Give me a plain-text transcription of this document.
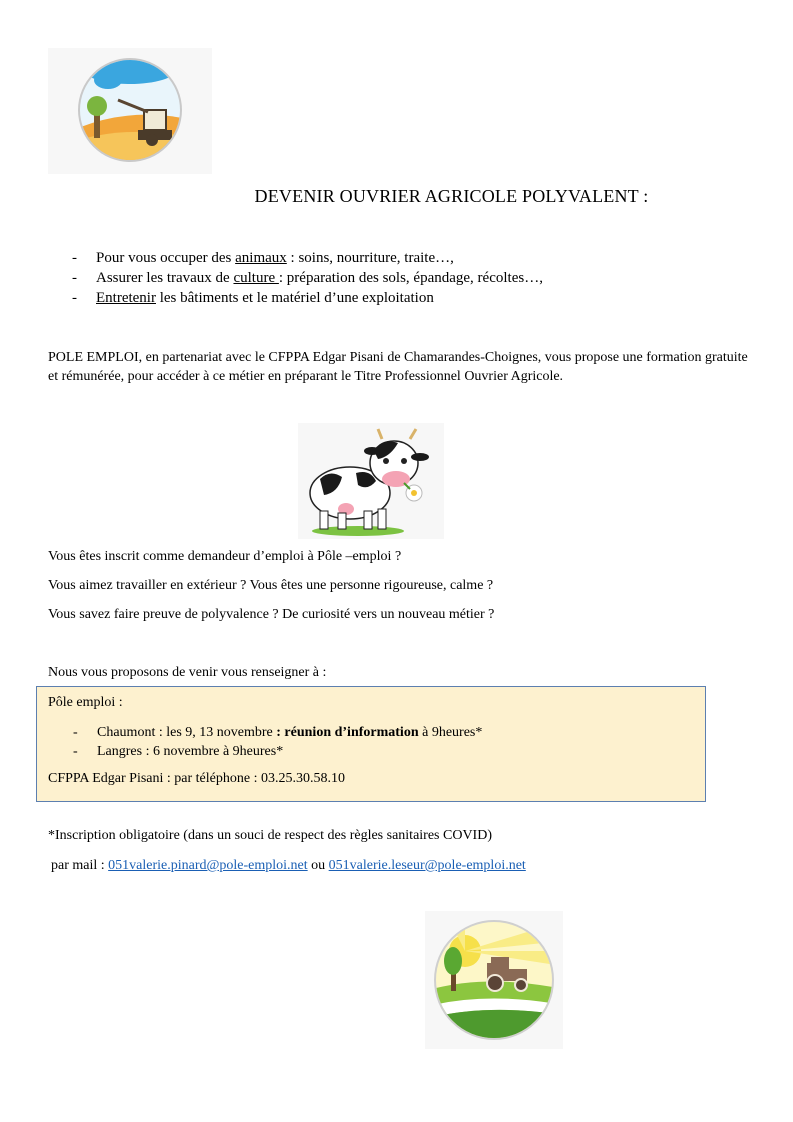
DEVENIR OUVRIER AGRICOLE POLYVALENT :
-	Pour vous occuper des animaux : soins, nourriture, traite…,
-	Assurer les travaux de culture : préparation des sols, épandage, récoltes…,
-	Entretenir les bâtiments et le matériel d’une exploitation
POLE EMPLOI, en partenariat avec le CFPPA Edgar Pisani de Chamarandes-Choignes, vous propose une formation gratuite et rémunérée, pour accéder à ce métier en préparant le Titre Professionnel Ouvrier Agricole.
Vous êtes inscrit comme demandeur d’emploi à Pôle –emploi ?
Vous aimez travailler en extérieur ? Vous êtes une personne rigoureuse, calme ?
Vous savez faire preuve de polyvalence ? De curiosité vers un nouveau métier ?
Nous vous proposons de venir vous renseigner à :
Pôle emploi :
-	Chaumont : les 9, 13 novembre : réunion d’information à 9heures*
-	Langres : 6 novembre à 9heures*
CFPPA Edgar Pisani : par téléphone : 03.25.30.58.10
*Inscription obligatoire (dans un souci de respect des règles sanitaires COVID)
par mail : 051valerie.pinard@pole-emploi.net ou 051valerie.leseur@pole-emploi.net
